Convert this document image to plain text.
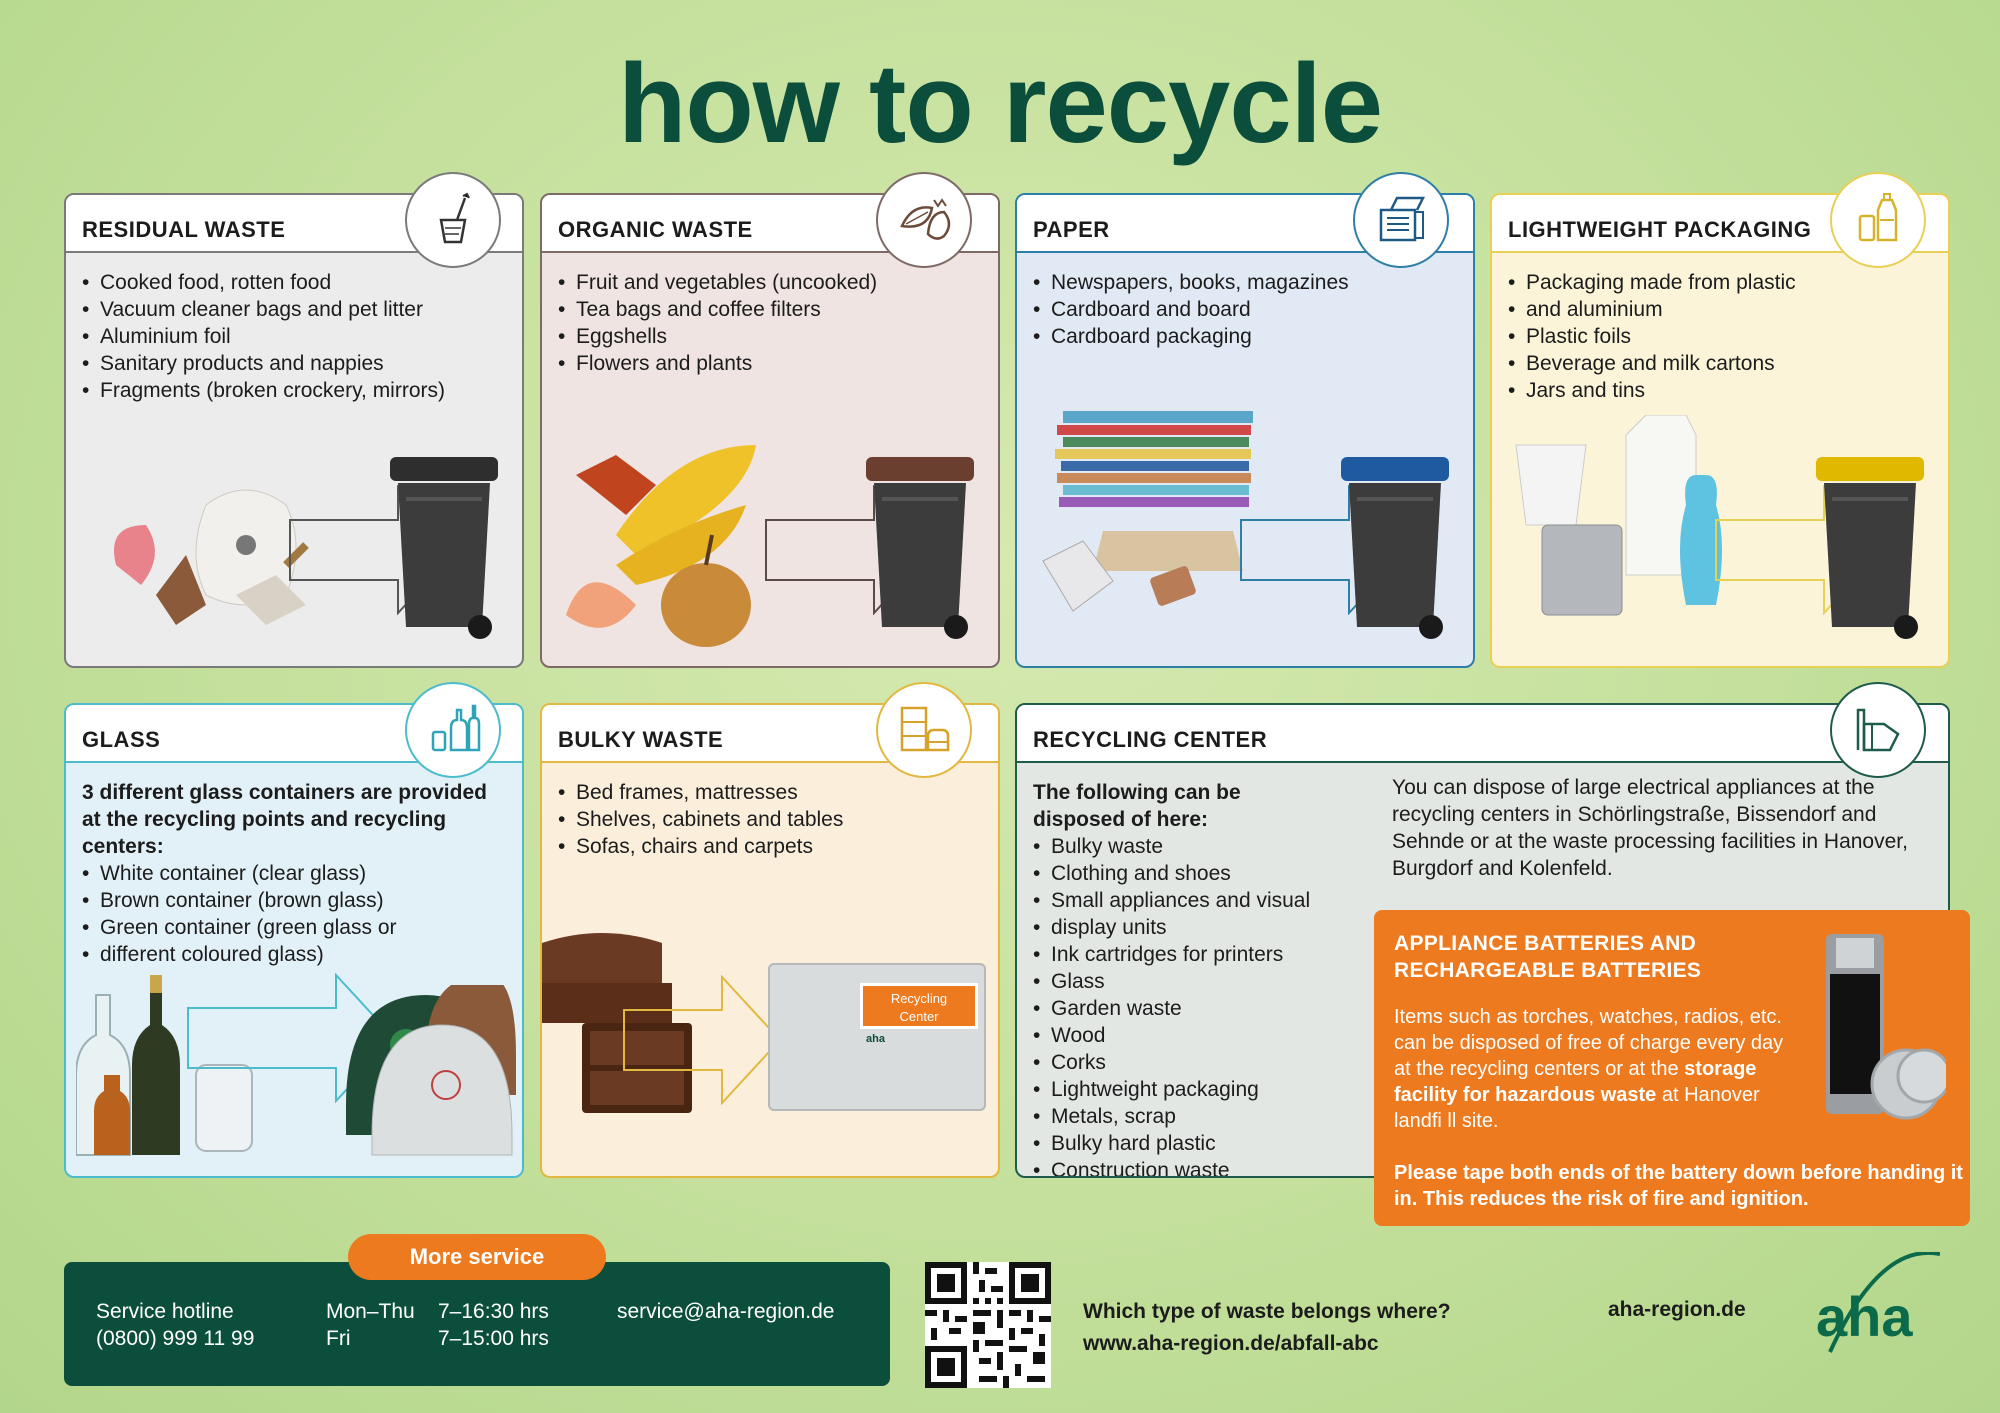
how to recycle
RESIDUAL WASTE
• Cooked food, rotten food
• Vacuum cleaner bags and pet litter
• Aluminium foil
• Sanitary products and nappies
• Fragments (broken crockery, mirrors)
ORGANIC WASTE
• Fruit and vegetables (uncooked)
• Tea bags and coffee filters
• Eggshells
• Flowers and plants
PAPER
• Newspapers, books, magazines
• Cardboard and board
• Cardboard packaging
LIGHTWEIGHT PACKAGING
• Packaging made from plastic
• and aluminium
• Plastic foils
• Beverage and milk cartons
• Jars and tins
GLASS
3 different glass containers are provided at the recycling points and recycling centers:
• White container (clear glass)
• Brown container (brown glass)
• Green container (green glass or
• different coloured glass)
BULKY WASTE
• Bed frames, mattresses
• Shelves, cabinets and tables
• Sofas, chairs and carpets
Recycling Center
aha
RECYCLING CENTER
The following can be disposed of here:
• Bulky waste
• Clothing and shoes
• Small appliances and visual
• display units
• Ink cartridges for printers
• Glass
• Garden waste
• Wood
• Corks
• Lightweight packaging
• Metals, scrap
• Bulky hard plastic
• Construction waste
You can dispose of large electrical appliances at the recycling centers in Schörlingstraße, Bissendorf and Sehnde or at the waste processing facilities in Hanover, Burgdorf and Kolenfeld.
APPLIANCE BATTERIES AND RECHARGEABLE BATTERIES
Items such as torches, watches, radios, etc. can be disposed of free of charge every day at the recycling centers or at the storage facility for hazardous waste at Hanover landfi ll site.
Please tape both ends of the battery down before handing it in. This reduces the risk of fire and ignition.
Service hotline
(0800) 999 11 99
Mon–Thu 7–16:30 hrs
Fri	7–15:00 hrs
service@aha-region.de
More service
Which type of waste belongs where?
www.aha-region.de/abfall-abc
aha-region.de aha
